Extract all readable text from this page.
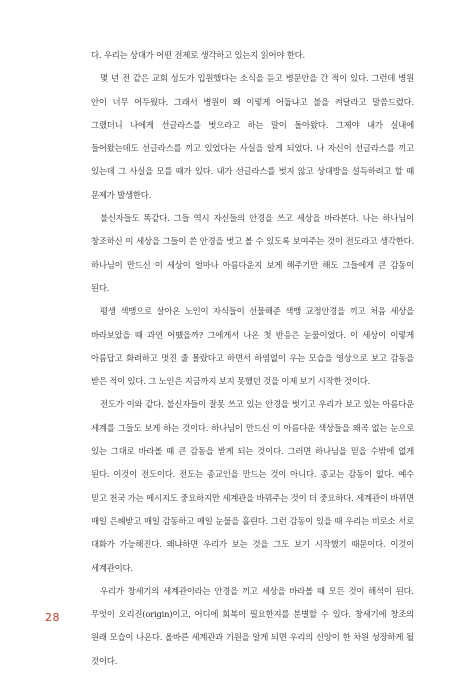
다. 우리는 상대가 어떤 전제로 생각하고 있는지 읽어야 한다.

몇 년 전 같은 교회 성도가 입원했다는 소식을 듣고 병문안을 간 적이 있다. 그런데 병원 안이 너무 어두웠다. 그래서 병원이 왜 이렇게 어둡냐고 불을 켜달라고 말씀드렸다. 그랬더니 나에게 선글라스를 벗으라고 하는 말이 돌아왔다. 그제야 내가 실내에 들어왔는데도 선글라스를 끼고 있었다는 사실을 알게 되었다. 나 자신이 선글라스를 끼고 있는데 그 사실을 모를 때가 있다. 내가 선글라스를 벗지 않고 상대방을 설득하려고 할 때 문제가 발생한다.

불신자들도 똑같다. 그들 역시 자신들의 안경을 쓰고 세상을 바라본다. 나는 하나님이 창조하신 이 세상을 그들이 쓴 안경을 벗고 볼 수 있도록 보여주는 것이 전도라고 생각한다. 하나님이 만드신 이 세상이 얼마나 아름다운지 보게 해주기만 해도 그들에게 큰 감동이 된다.

평생 색맹으로 살아온 노인이 자식들이 선물해준 색맹 교정안경을 끼고 처음 세상을 바라보았을 때 과연 어땠을까? 그에게서 나온 첫 반응은 눈물이었다. 이 세상이 이렇게 아름답고 화려하고 멋진 줄 몰랐다고 하면서 하염없이 우는 모습을 영상으로 보고 감동을 받은 적이 있다. 그 노인은 지금까지 보지 못했던 것을 이제 보기 시작한 것이다.

전도가 이와 같다. 불신자들이 잘못 쓰고 있는 안경을 벗기고 우리가 보고 있는 아름다운 세계를 그들도 보게 하는 것이다. 하나님이 만드신 이 아름다운 색상들을 왜곡 없는 눈으로 있는 그대로 바라볼 때 큰 감동을 받게 되는 것이다. 그러면 하나님을 믿을 수밖에 없게 된다. 이것이 전도이다. 전도는 종교인을 만드는 것이 아니다. 종교는 감동이 없다. 예수 믿고 천국 가는 메시지도 중요하지만 세계관을 바꿔주는 것이 더 중요하다. 세계관이 바뀌면 매일 은혜받고 매일 감동하고 매일 눈물을 흘린다. 그런 감동이 있을 때 우리는 비로소 서로 대화가 가능해진다. 왜냐하면 우리가 보는 것을 그도 보기 시작했기 때문이다. 이것이 세계관이다.

우리가 창세기의 세계관이라는 안경을 끼고 세상을 바라볼 때 모든 것이 해석이 된다. 무엇이 오리진(origin)이고, 어디에 회복이 필요한지를 분별할 수 있다. 창세기에 창조의 원래 모습이 나온다. 올바른 세계관과 기원을 알게 되면 우리의 신앙이 한 차원 성장하게 될 것이다.

28
